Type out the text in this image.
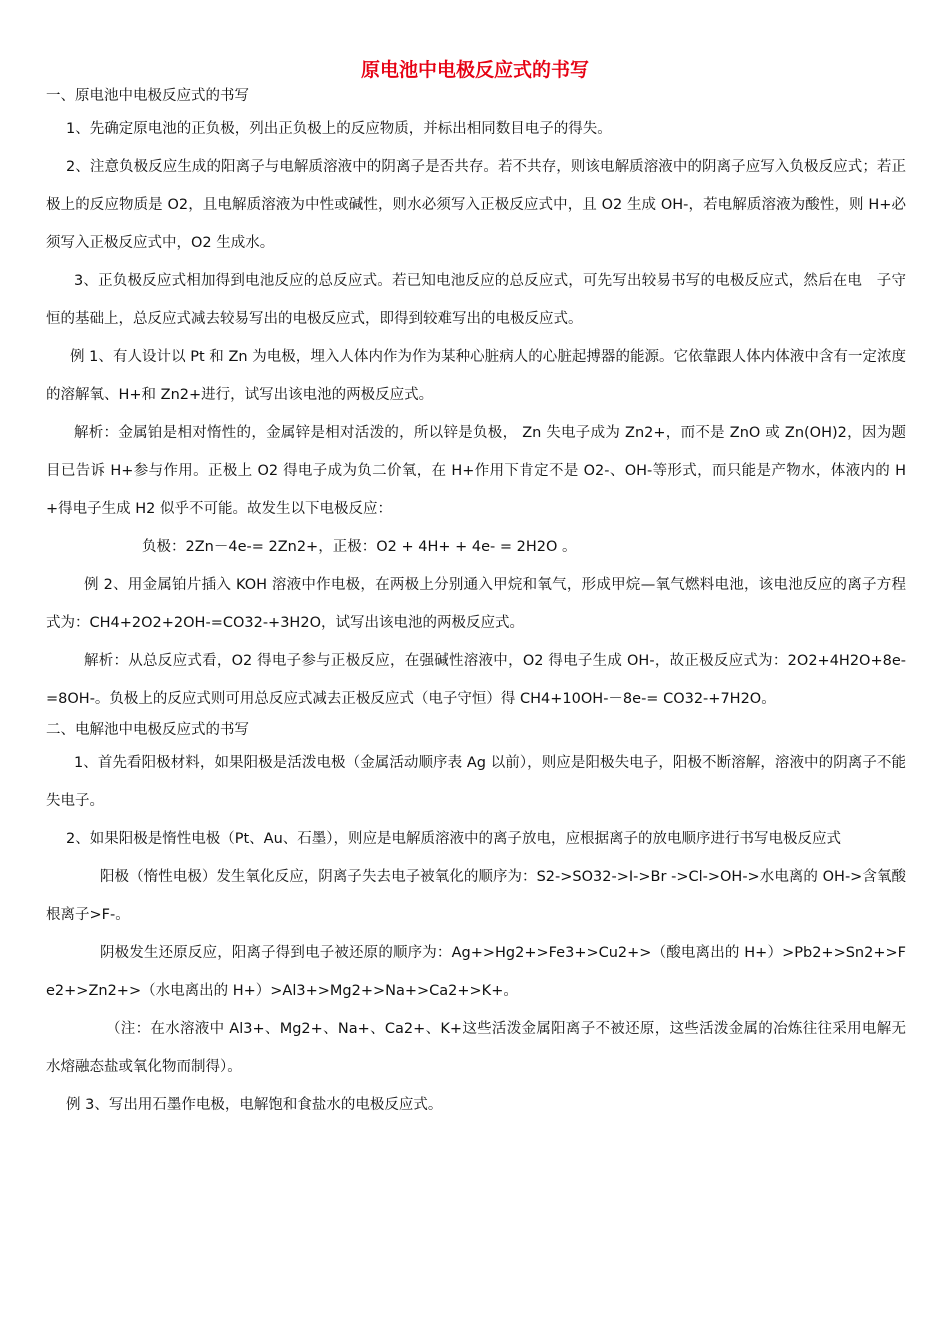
原电池中电极反应式的书写

一、原电池中电极反应式的书写

1、先确定原电池的正负极，列出正负极上的反应物质，并标出相同数目电子的得失。

2、注意负极反应生成的阳离子与电解质溶液中的阴离子是否共存。若不共存，则该电解质溶液中的阴离子应写入负极反应式；若正极上的反应物质是 O2，且电解质溶液为中性或碱性，则水必须写入正极反应式中，且 O2 生成 OH-，若电解质溶液为酸性，则 H+必须写入正极反应式中，O2 生成水。

3、正负极反应式相加得到电池反应的总反应式。若已知电池反应的总反应式，可先写出较易书写的电极反应式，然后在电　子守恒的基础上，总反应式减去较易写出的电极反应式，即得到较难写出的电极反应式。

例 1、有人设计以 Pt 和 Zn 为电极，埋入人体内作为作为某种心脏病人的心脏起搏器的能源。它依靠跟人体内体液中含有一定浓度的溶解氧、H+和 Zn2+进行，试写出该电池的两极反应式。

解析：金属铂是相对惰性的，金属锌是相对活泼的，所以锌是负极， Zn 失电子成为 Zn2+，而不是 ZnO 或 Zn(OH)2，因为题目已告诉 H+参与作用。正极上 O2 得电子成为负二价氧，在 H+作用下肯定不是 O2-、OH-等形式，而只能是产物水，体液内的 H+得电子生成 H2 似乎不可能。故发生以下电极反应：

负极：2Zn－4e-= 2Zn2+，正极：O2 + 4H+ + 4e- = 2H2O 。

例 2、用金属铂片插入 KOH 溶液中作电极，在两极上分别通入甲烷和氧气，形成甲烷—氧气燃料电池，该电池反应的离子方程式为：CH4+2O2+2OH-=CO32-+3H2O，试写出该电池的两极反应式。

解析：从总反应式看，O2 得电子参与正极反应，在强碱性溶液中，O2 得电子生成 OH-，故正极反应式为：2O2+4H2O+8e- =8OH-。负极上的反应式则可用总反应式减去正极反应式（电子守恒）得 CH4+10OH-－8e-= CO32-+7H2O。

二、电解池中电极反应式的书写

1、首先看阳极材料，如果阳极是活泼电极（金属活动顺序表 Ag 以前），则应是阳极失电子，阳极不断溶解，溶液中的阴离子不能失电子。

2、如果阳极是惰性电极（Pt、Au、石墨），则应是电解质溶液中的离子放电，应根据离子的放电顺序进行书写电极反应式

阳极（惰性电极）发生氧化反应，阴离子失去电子被氧化的顺序为：S2->SO32->I->Br ->Cl->OH->水电离的 OH->含氧酸根离子>F-。

阴极发生还原反应，阳离子得到电子被还原的顺序为：Ag+>Hg2+>Fe3+>Cu2+>（酸电离出的 H+）>Pb2+>Sn2+>Fe2+>Zn2+>（水电离出的 H+）>Al3+>Mg2+>Na+>Ca2+>K+。

（注：在水溶液中 Al3+、Mg2+、Na+、Ca2+、K+这些活泼金属阳离子不被还原，这些活泼金属的冶炼往往采用电解无水熔融态盐或氧化物而制得）。

例 3、写出用石墨作电极，电解饱和食盐水的电极反应式。
